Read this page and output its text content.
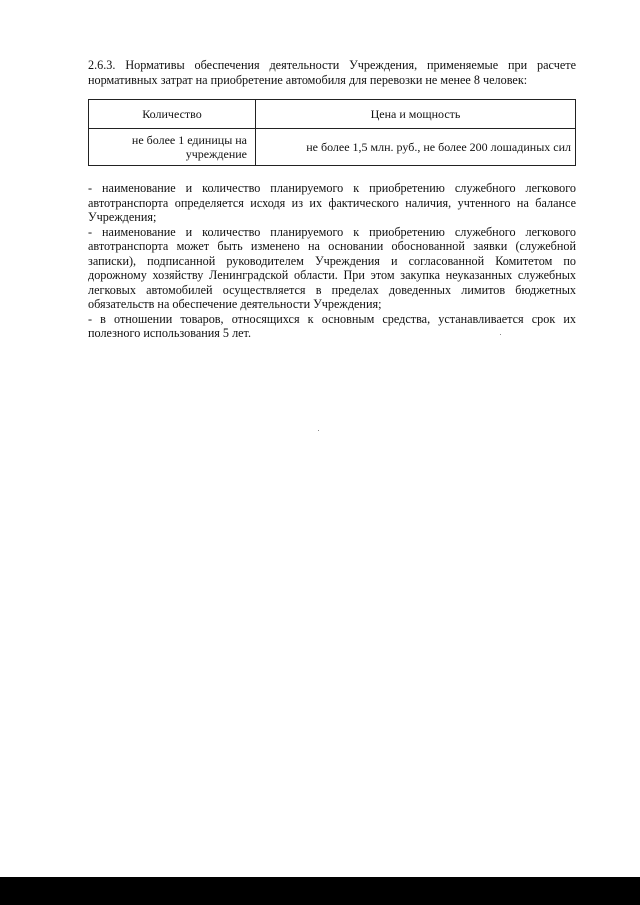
2.6.3. Нормативы обеспечения деятельности Учреждения, применяемые при расчете нормативных затрат на приобретение автомобиля для перевозки не менее 8 человек:

Количество	Цена и мощность
не более 1 единицы на учреждение	не более 1,5 млн. руб., не более 200 лошадиных сил

- наименование и количество планируемого к приобретению служебного легкового автотранспорта определяется исходя из их фактического наличия, учтенного на балансе Учреждения;

- наименование и количество планируемого к приобретению служебного легкового автотранспорта может быть изменено на основании обоснованной заявки (служебной записки), подписанной руководителем Учреждения и согласованной Комитетом по дорожному хозяйству Ленинградской области. При этом закупка неуказанных служебных легковых автомобилей осуществляется в пределах доведенных лимитов бюджетных обязательств на обеспечение деятельности Учреждения;

- в отношении товаров, относящихся к основным средства, устанавливается срок их полезного использования 5 лет.
